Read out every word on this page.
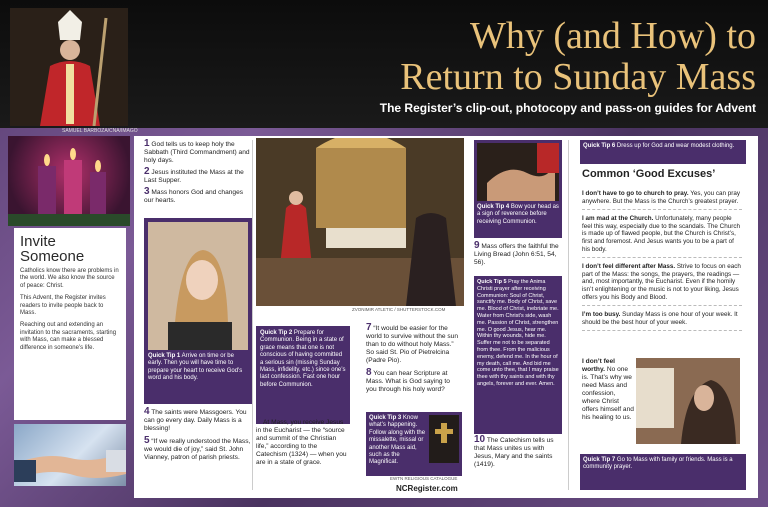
Why (and How) to
Return to Sunday Mass
The Register’s clip-out, photocopy and pass-on guides for Advent
SAMUEL BARBOZA/CNA/IMAGO
Invite Someone

Catholics know there are problems in the world. We also know the source of peace: Christ.

This Advent, the Register invites readers to invite people back to Mass.

Reaching out and extending an invitation to the sacraments, starting with Mass, can make a blessed difference in someone’s life.

1 God tells us to keep holy the Sabbath (Third Commandment) and holy days.
2 Jesus instituted the Mass at the Last Supper.
3 Mass honors God and changes our hearts.
Quick Tip 1 Arrive on time or be early. Then you will have time to prepare your heart to receive God’s word and his body.
4 The saints were Massgoers. You can go every day. Daily Mass is a blessing!
5 “If we really understood the Mass, we would die of joy,” said St. John Vianney, patron of parish priests.
ZVONIMIR ATLETIC / SHUTTERSTOCK.COM
Quick Tip 2 Prepare for Communion. Being in a state of grace means that one is not conscious of having committed a serious sin (missing Sunday Mass, infidelity, etc.) since one’s last confession. Fast one hour before Communion.
6 At Mass, you receive Jesus in the Eucharist — the “source and summit of the Christian life,” according to the Catechism (1324) — when you are in a state of grace.
7 “It would be easier for the world to survive without the sun than to do without holy Mass.” So said St. Pio of Pietrelcina (Padre Pio).
8 You can hear Scripture at Mass. What is God saying to you through his holy word?
Quick Tip 3 Know what’s happening. Follow along with the missalette, missal or another Mass aid, such as the Magnificat.
EWTN RELIGIOUS CATALOGUE
NCRegister.com
Quick Tip 4 Bow your head as a sign of reverence before receiving Communion.
9 Mass offers the faithful the Living Bread (John 6:51, 54, 56).
Quick Tip 5 Pray the Anima Christi prayer after receiving Communion: Soul of Christ, sanctify me. Body of Christ, save me. Blood of Christ, inebriate me. Water from Christ’s side, wash me. Passion of Christ, strengthen me. O good Jesus, hear me. Within thy wounds, hide me. Suffer me not to be separated from thee. From the malicious enemy, defend me. In the hour of my death, call me. And bid me come unto thee, that I may praise thee with thy saints and with thy angels, forever and ever. Amen.
10 The Catechism tells us that Mass unites us with Jesus, Mary and the saints (1419).
Quick Tip 6 Dress up for God and wear modest clothing.
Common ‘Good Excuses’

I don’t have to go to church to pray. Yes, you can pray anywhere. But the Mass is the Church’s greatest prayer.

I am mad at the Church. Unfortunately, many people feel this way, especially due to the scandals. The Church is made up of flawed people, but the Church is Christ’s, first and foremost. And Jesus wants you to be a part of his body.

I don’t feel different after Mass. Strive to focus on each part of the Mass: the songs, the prayers, the readings — and, most importantly, the Eucharist. Even if the homily isn’t enlightening or the music is not to your liking, Jesus offers you his Body and Blood.

I’m too busy. Sunday Mass is one hour of your week. It should be the best hour of your week.

I don’t feel worthy. No one is. That’s why we need Mass and confession, where Christ offers himself and his healing to us.
Quick Tip 7 Go to Mass with family or friends. Mass is a community prayer.
